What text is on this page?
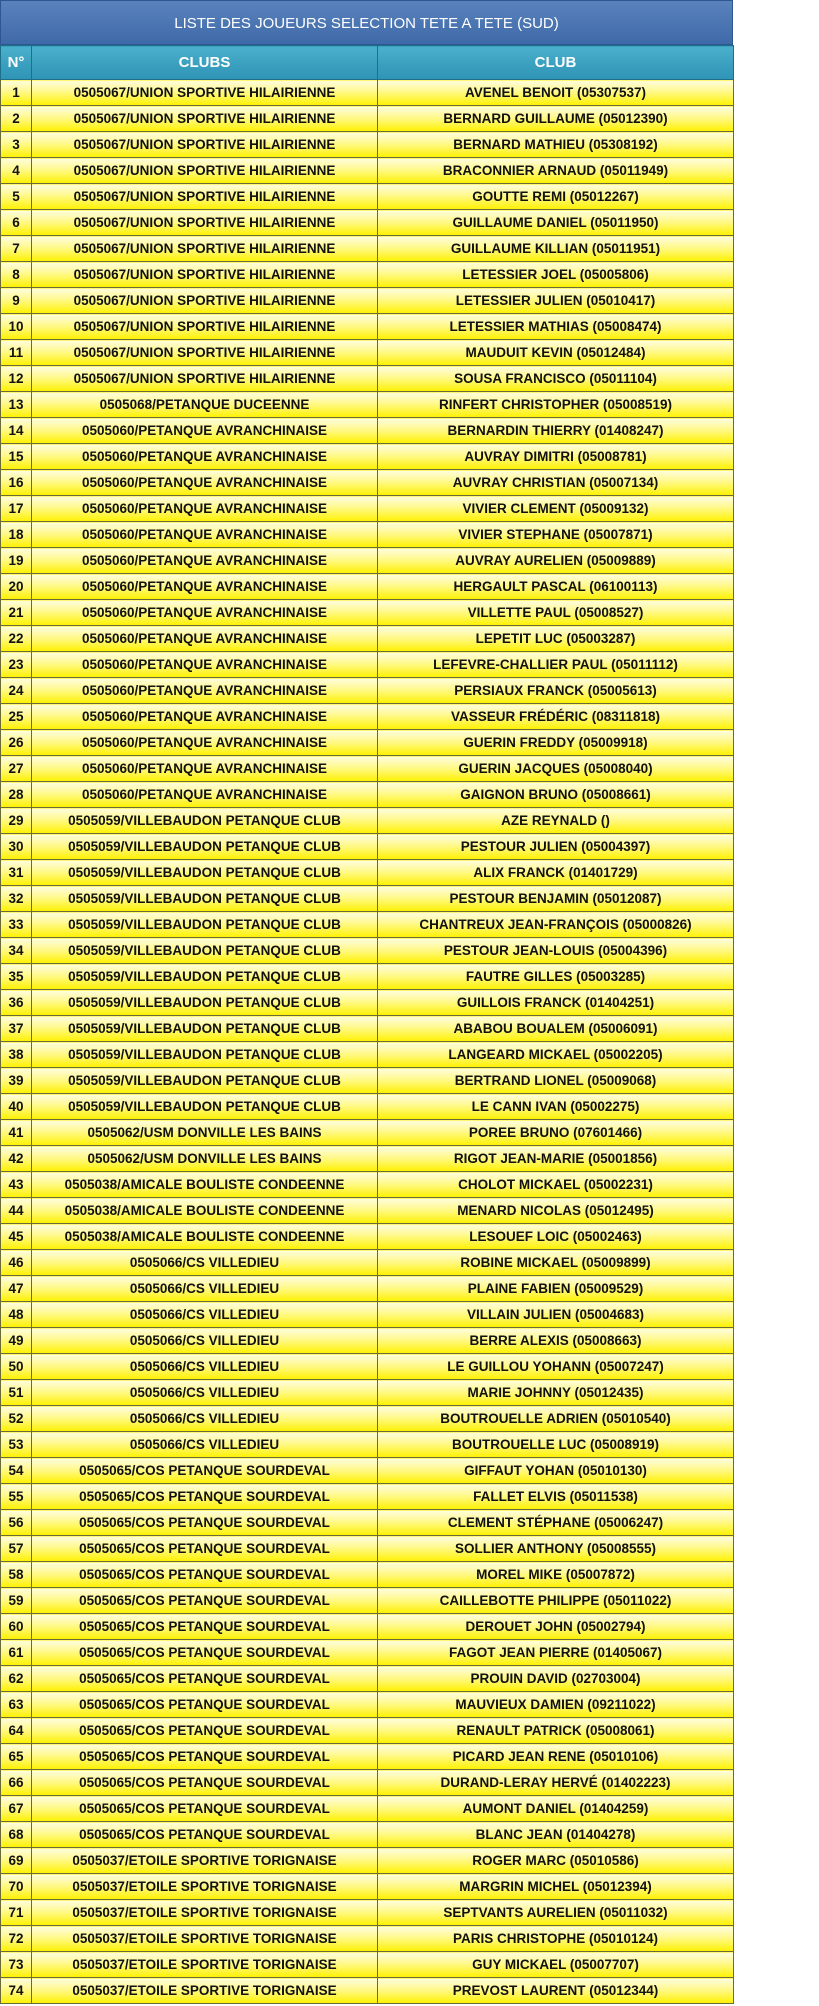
LISTE DES JOUEURS SELECTION TETE A TETE (SUD)
N°	CLUBS	CLUB
1	0505067/UNION SPORTIVE HILAIRIENNE	AVENEL BENOIT (05307537)
2	0505067/UNION SPORTIVE HILAIRIENNE	BERNARD GUILLAUME (05012390)
3	0505067/UNION SPORTIVE HILAIRIENNE	BERNARD MATHIEU (05308192)
4	0505067/UNION SPORTIVE HILAIRIENNE	BRACONNIER ARNAUD (05011949)
5	0505067/UNION SPORTIVE HILAIRIENNE	GOUTTE REMI (05012267)
6	0505067/UNION SPORTIVE HILAIRIENNE	GUILLAUME DANIEL (05011950)
7	0505067/UNION SPORTIVE HILAIRIENNE	GUILLAUME KILLIAN (05011951)
8	0505067/UNION SPORTIVE HILAIRIENNE	LETESSIER JOEL (05005806)
9	0505067/UNION SPORTIVE HILAIRIENNE	LETESSIER JULIEN (05010417)
10	0505067/UNION SPORTIVE HILAIRIENNE	LETESSIER MATHIAS (05008474)
11	0505067/UNION SPORTIVE HILAIRIENNE	MAUDUIT KEVIN (05012484)
12	0505067/UNION SPORTIVE HILAIRIENNE	SOUSA FRANCISCO (05011104)
13	0505068/PETANQUE DUCEENNE	RINFERT CHRISTOPHER (05008519)
14	0505060/PETANQUE AVRANCHINAISE	BERNARDIN THIERRY (01408247)
15	0505060/PETANQUE AVRANCHINAISE	AUVRAY DIMITRI (05008781)
16	0505060/PETANQUE AVRANCHINAISE	AUVRAY CHRISTIAN (05007134)
17	0505060/PETANQUE AVRANCHINAISE	VIVIER CLEMENT (05009132)
18	0505060/PETANQUE AVRANCHINAISE	VIVIER STEPHANE (05007871)
19	0505060/PETANQUE AVRANCHINAISE	AUVRAY AURELIEN (05009889)
20	0505060/PETANQUE AVRANCHINAISE	HERGAULT PASCAL (06100113)
21	0505060/PETANQUE AVRANCHINAISE	VILLETTE PAUL (05008527)
22	0505060/PETANQUE AVRANCHINAISE	LEPETIT LUC (05003287)
23	0505060/PETANQUE AVRANCHINAISE	LEFEVRE-CHALLIER PAUL (05011112)
24	0505060/PETANQUE AVRANCHINAISE	PERSIAUX FRANCK (05005613)
25	0505060/PETANQUE AVRANCHINAISE	VASSEUR FRÉDÉRIC (08311818)
26	0505060/PETANQUE AVRANCHINAISE	GUERIN FREDDY (05009918)
27	0505060/PETANQUE AVRANCHINAISE	GUERIN JACQUES (05008040)
28	0505060/PETANQUE AVRANCHINAISE	GAIGNON BRUNO (05008661)
29	0505059/VILLEBAUDON PETANQUE CLUB	AZE REYNALD ()
30	0505059/VILLEBAUDON PETANQUE CLUB	PESTOUR JULIEN (05004397)
31	0505059/VILLEBAUDON PETANQUE CLUB	ALIX FRANCK (01401729)
32	0505059/VILLEBAUDON PETANQUE CLUB	PESTOUR BENJAMIN (05012087)
33	0505059/VILLEBAUDON PETANQUE CLUB	CHANTREUX JEAN-FRANÇOIS (05000826)
34	0505059/VILLEBAUDON PETANQUE CLUB	PESTOUR JEAN-LOUIS (05004396)
35	0505059/VILLEBAUDON PETANQUE CLUB	FAUTRE GILLES (05003285)
36	0505059/VILLEBAUDON PETANQUE CLUB	GUILLOIS FRANCK (01404251)
37	0505059/VILLEBAUDON PETANQUE CLUB	ABABOU BOUALEM (05006091)
38	0505059/VILLEBAUDON PETANQUE CLUB	LANGEARD MICKAEL (05002205)
39	0505059/VILLEBAUDON PETANQUE CLUB	BERTRAND LIONEL (05009068)
40	0505059/VILLEBAUDON PETANQUE CLUB	LE CANN IVAN (05002275)
41	0505062/USM DONVILLE LES BAINS	POREE BRUNO (07601466)
42	0505062/USM DONVILLE LES BAINS	RIGOT JEAN-MARIE (05001856)
43	0505038/AMICALE BOULISTE CONDEENNE	CHOLOT MICKAEL (05002231)
44	0505038/AMICALE BOULISTE CONDEENNE	MENARD NICOLAS (05012495)
45	0505038/AMICALE BOULISTE CONDEENNE	LESOUEF LOIC (05002463)
46	0505066/CS VILLEDIEU	ROBINE MICKAEL (05009899)
47	0505066/CS VILLEDIEU	PLAINE FABIEN (05009529)
48	0505066/CS VILLEDIEU	VILLAIN JULIEN (05004683)
49	0505066/CS VILLEDIEU	BERRE ALEXIS (05008663)
50	0505066/CS VILLEDIEU	LE GUILLOU YOHANN (05007247)
51	0505066/CS VILLEDIEU	MARIE JOHNNY (05012435)
52	0505066/CS VILLEDIEU	BOUTROUELLE ADRIEN (05010540)
53	0505066/CS VILLEDIEU	BOUTROUELLE LUC (05008919)
54	0505065/COS PETANQUE SOURDEVAL	GIFFAUT YOHAN (05010130)
55	0505065/COS PETANQUE SOURDEVAL	FALLET ELVIS (05011538)
56	0505065/COS PETANQUE SOURDEVAL	CLEMENT STÉPHANE (05006247)
57	0505065/COS PETANQUE SOURDEVAL	SOLLIER ANTHONY (05008555)
58	0505065/COS PETANQUE SOURDEVAL	MOREL MIKE (05007872)
59	0505065/COS PETANQUE SOURDEVAL	CAILLEBOTTE PHILIPPE (05011022)
60	0505065/COS PETANQUE SOURDEVAL	DEROUET JOHN (05002794)
61	0505065/COS PETANQUE SOURDEVAL	FAGOT JEAN PIERRE (01405067)
62	0505065/COS PETANQUE SOURDEVAL	PROUIN DAVID (02703004)
63	0505065/COS PETANQUE SOURDEVAL	MAUVIEUX DAMIEN (09211022)
64	0505065/COS PETANQUE SOURDEVAL	RENAULT PATRICK (05008061)
65	0505065/COS PETANQUE SOURDEVAL	PICARD JEAN RENE (05010106)
66	0505065/COS PETANQUE SOURDEVAL	DURAND-LERAY HERVÉ (01402223)
67	0505065/COS PETANQUE SOURDEVAL	AUMONT DANIEL (01404259)
68	0505065/COS PETANQUE SOURDEVAL	BLANC JEAN (01404278)
69	0505037/ETOILE SPORTIVE TORIGNAISE	ROGER MARC (05010586)
70	0505037/ETOILE SPORTIVE TORIGNAISE	MARGRIN MICHEL (05012394)
71	0505037/ETOILE SPORTIVE TORIGNAISE	SEPTVANTS AURELIEN (05011032)
72	0505037/ETOILE SPORTIVE TORIGNAISE	PARIS CHRISTOPHE (05010124)
73	0505037/ETOILE SPORTIVE TORIGNAISE	GUY MICKAEL (05007707)
74	0505037/ETOILE SPORTIVE TORIGNAISE	PREVOST LAURENT (05012344)
